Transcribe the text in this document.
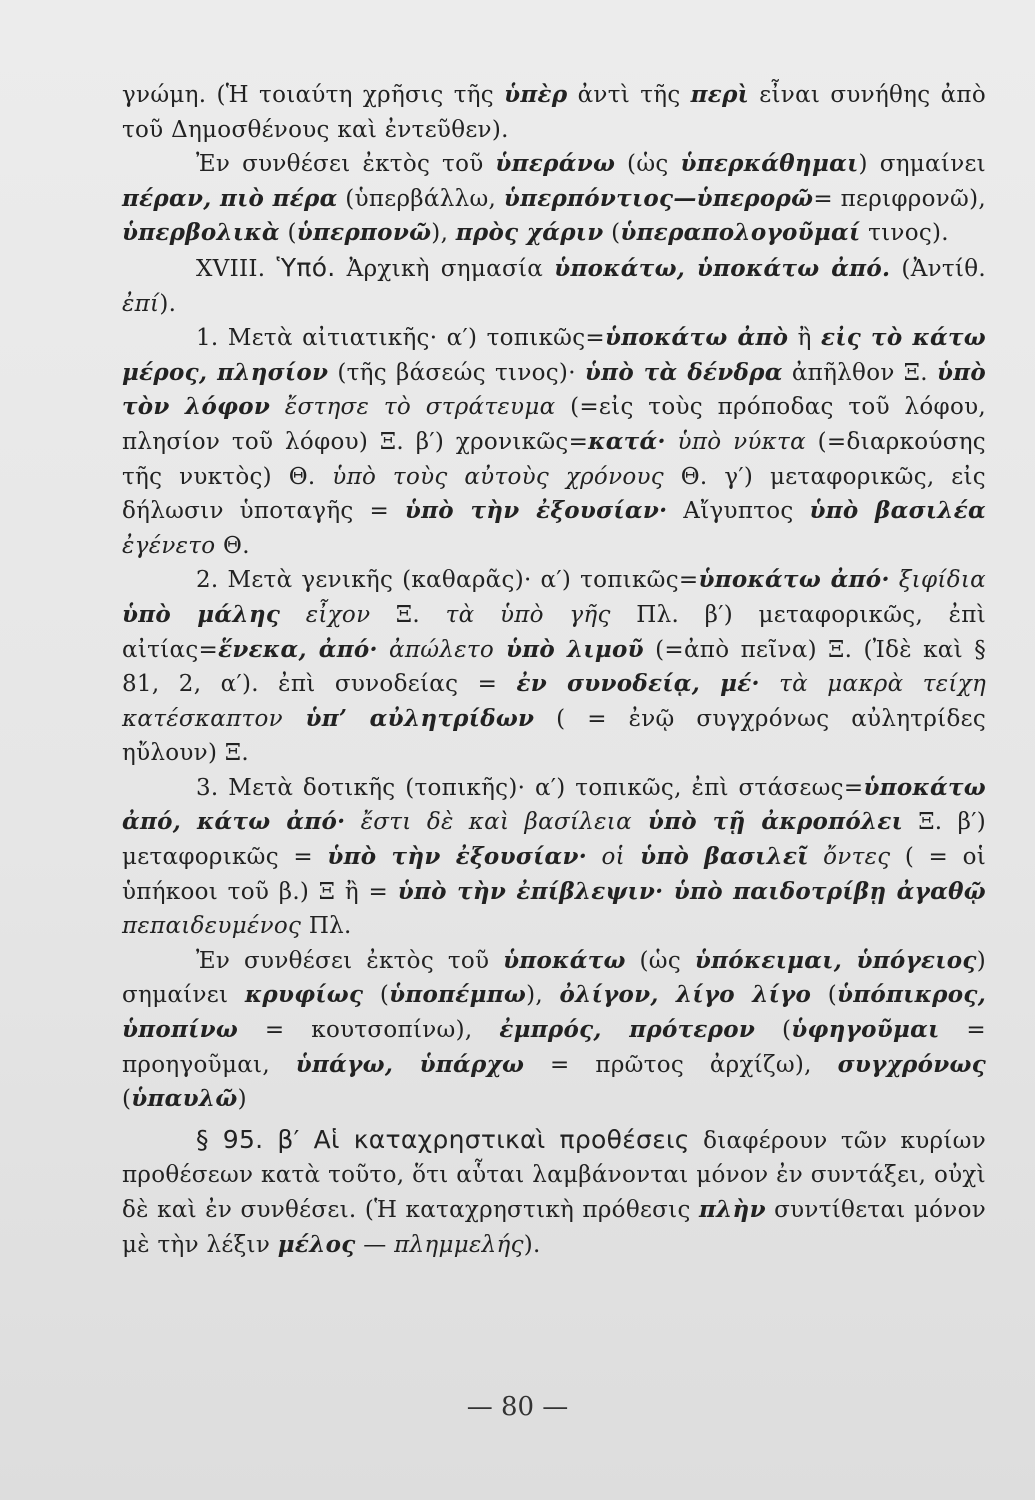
γνώμη. (Ἡ τοιαύτη χρῆσις τῆς ὑπὲρ ἀντὶ τῆς περὶ εἶναι συνήθης ἀπὸ τοῦ Δημοσθένους καὶ ἐντεῦθεν).

Ἐν συνθέσει ἐκτὸς τοῦ ὑπεράνω (ὡς ὑπερκάθημαι) σημαίνει πέραν, πιὸ πέρα (ὑπερβάλλω, ὑπερπόντιος—ὑπερορῶ= περιφρονῶ), ὑπερβολικὰ (ὑπερπονῶ), πρὸς χάριν (ὑπεραπολογοῦμαί τινος).

XVIII. Ὑπό. Ἀρχικὴ σημασία ὑποκάτω, ὑποκάτω ἀπό. (Ἀντίθ. ἐπί).

1. Μετὰ αἰτιατικῆς· α′) τοπικῶς=ὑποκάτω ἀπὸ ἢ εἰς τὸ κάτω μέρος, πλησίον (τῆς βάσεώς τινος)· ὑπὸ τὰ δένδρα ἀπῆλθον Ξ. ὑπὸ τὸν λόφον ἔστησε τὸ στράτευμα (=εἰς τοὺς πρόποδας τοῦ λόφου, πλησίον τοῦ λόφου) Ξ. β′) χρονικῶς=κατά· ὑπὸ νύκτα (=διαρκούσης τῆς νυκτὸς) Θ. ὑπὸ τοὺς αὐτοὺς χρόνους Θ. γ′) μεταφορικῶς, εἰς δήλωσιν ὑποταγῆς = ὑπὸ τὴν ἐξουσίαν· Αἴγυπτος ὑπὸ βασιλέα ἐγένετο Θ.

2. Μετὰ γενικῆς (καθαρᾶς)· α′) τοπικῶς=ὑποκάτω ἀπό· ξιφίδια ὑπὸ μάλης εἶχον Ξ. τὰ ὑπὸ γῆς Πλ. β′) μεταφορικῶς, ἐπὶ αἰτίας=ἕνεκα, ἀπό· ἀπώλετο ὑπὸ λιμοῦ (=ἀπὸ πεῖνα) Ξ. (Ἰδὲ καὶ § 81, 2, α′). ἐπὶ συνοδείας = ἐν συνοδείᾳ, μέ· τὰ μακρὰ τείχη κατέσκαπτον ὑπ’ αὐλητρίδων ( = ἐνῷ συγχρόνως αὐλητρίδες ηὔλουν) Ξ.

3. Μετὰ δοτικῆς (τοπικῆς)· α′) τοπικῶς, ἐπὶ στάσεως=ὑποκάτω ἀπό, κάτω ἀπό· ἔστι δὲ καὶ βασίλεια ὑπὸ τῇ ἀκροπόλει Ξ. β′) μεταφορικῶς = ὑπὸ τὴν ἐξουσίαν· οἱ ὑπὸ βασιλεῖ ὄντες ( = οἱ ὑπήκοοι τοῦ β.) Ξ ἢ = ὑπὸ τὴν ἐπίβλεψιν· ὑπὸ παιδοτρίβῃ ἀγαθῷ πεπαιδευμένος Πλ.

Ἐν συνθέσει ἐκτὸς τοῦ ὑποκάτω (ὡς ὑπόκειμαι, ὑπόγειος) σημαίνει κρυφίως (ὑποπέμπω), ὀλίγον, λίγο λίγο (ὑπόπικρος, ὑποπίνω = κουτσοπίνω), ἐμπρός, πρότερον (ὑφηγοῦμαι = προηγοῦμαι, ὑπάγω, ὑπάρχω = πρῶτος ἀρχίζω), συγχρόνως (ὑπαυλῶ)

§ 95. β′ Αἱ καταχρηστικαὶ προθέσεις διαφέρουν τῶν κυρίων προθέσεων κατὰ τοῦτο, ὅτι αὗται λαμβάνονται μόνον ἐν συντάξει, οὐχὶ δὲ καὶ ἐν συνθέσει. (Ἡ καταχρηστικὴ πρόθεσις πλὴν συντίθεται μόνον μὲ τὴν λέξιν μέλος — πλημμελής).

— 80 —
